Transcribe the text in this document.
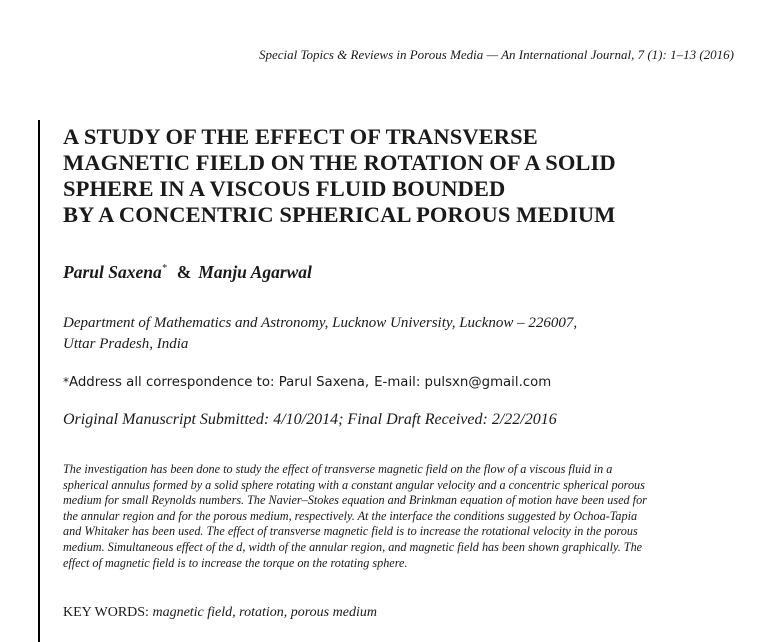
Special Topics & Reviews in Porous Media — An International Journal, 7 (1): 1–13 (2016)
A STUDY OF THE EFFECT OF TRANSVERSE
MAGNETIC FIELD ON THE ROTATION OF A SOLID
SPHERE IN A VISCOUS FLUID BOUNDED
BY A CONCENTRIC SPHERICAL POROUS MEDIUM
Parul Saxena* & Manju Agarwal
Department of Mathematics and Astronomy, Lucknow University, Lucknow – 226007,
Uttar Pradesh, India
*Address all correspondence to: Parul Saxena, E-mail: pulsxn@gmail.com
Original Manuscript Submitted: 4/10/2014; Final Draft Received: 2/22/2016
The investigation has been done to study the effect of transverse magnetic field on the flow of a viscous fluid in a
spherical annulus formed by a solid sphere rotating with a constant angular velocity and a concentric spherical porous
medium for small Reynolds numbers. The Navier–Stokes equation and Brinkman equation of motion have been used for
the annular region and for the porous medium, respectively. At the interface the conditions suggested by Ochoa-Tapia
and Whitaker has been used. The effect of transverse magnetic field is to increase the rotational velocity in the porous
medium. Simultaneous effect of the d, width of the annular region, and magnetic field has been shown graphically. The
effect of magnetic field is to increase the torque on the rotating sphere.
KEY WORDS: magnetic field, rotation, porous medium
